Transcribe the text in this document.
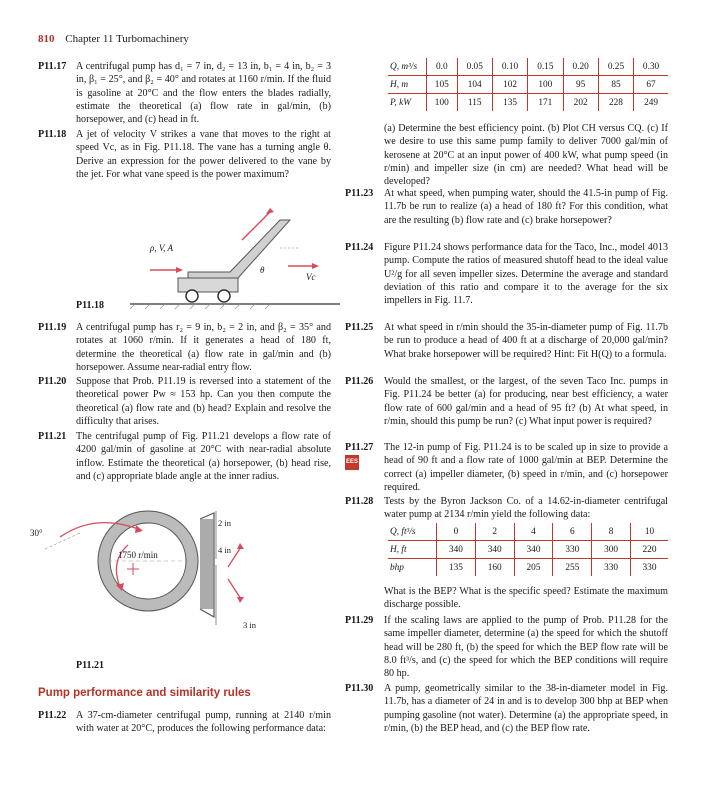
810 Chapter 11 Turbomachinery
P11.17 A centrifugal pump has d₁ = 7 in, d₂ = 13 in, b₁ = 4 in, b₂ = 3 in, β₁ = 25°, and β₂ = 40° and rotates at 1160 r/min. If the fluid is gasoline at 20°C and the flow enters the blades radially, estimate the theoretical (a) flow rate in gal/min, (b) horsepower, and (c) head in ft.
P11.18 A jet of velocity V strikes a vane that moves to the right at speed Vc, as in Fig. P11.18. The vane has a turning angle θ. Derive an expression for the power delivered to the vane by the jet. For what vane speed is the power maximum?
ρ, V, A
θ
Vc
P11.18
P11.19 A centrifugal pump has r₂ = 9 in, b₂ = 2 in, and β₂ = 35° and rotates at 1060 r/min. If it generates a head of 180 ft, determine the theoretical (a) flow rate in gal/min and (b) horsepower. Assume near-radial entry flow.
P11.20 Suppose that Prob. P11.19 is reversed into a statement of the theoretical power Pw ≈ 153 hp. Can you then compute the theoretical (a) flow rate and (b) head? Explain and resolve the difficulty that arises.
P11.21 The centrifugal pump of Fig. P11.21 develops a flow rate of 4200 gal/min of gasoline at 20°C with near-radial absolute inflow. Estimate the theoretical (a) horsepower, (b) head rise, and (c) appropriate blade angle at the inner radius.
30°
1750 r/min
2 in
4 in
3 in
P11.21
Pump performance and similarity rules
P11.22 A 37-cm-diameter centrifugal pump, running at 2140 r/min with water at 20°C, produces the following performance data:
Q, m³/s	0.0	0.05	0.10	0.15	0.20	0.25	0.30
H, m	105	104	102	100	95	85	67
P, kW	100	115	135	171	202	228	249
(a) Determine the best efficiency point. (b) Plot CH versus CQ. (c) If we desire to use this same pump family to deliver 7000 gal/min of kerosene at 20°C at an input power of 400 kW, what pump speed (in r/min) and impeller size (in cm) are needed? What head will be developed?
P11.23 At what speed, when pumping water, should the 41.5-in pump of Fig. 11.7b be run to realize (a) a head of 180 ft? For this condition, what are the resulting (b) flow rate and (c) brake horsepower?
P11.24 Figure P11.24 shows performance data for the Taco, Inc., model 4013 pump. Compute the ratios of measured shutoff head to the ideal value U²/g for all seven impeller sizes. Determine the average and standard deviation of this ratio and compare it to the average for the six impellers in Fig. 11.7.
P11.25 At what speed in r/min should the 35-in-diameter pump of Fig. 11.7b be run to produce a head of 400 ft at a discharge of 20,000 gal/min? What brake horsepower will be required? Hint: Fit H(Q) to a formula.
P11.26 Would the smallest, or the largest, of the seven Taco Inc. pumps in Fig. P11.24 be better (a) for producing, near best efficiency, a water flow rate of 600 gal/min and a head of 95 ft? (b) At what speed, in r/min, should this pump be run? (c) What input power is required?
P11.27
EES
The 12-in pump of Fig. P11.24 is to be scaled up in size to provide a head of 90 ft and a flow rate of 1000 gal/min at BEP. Determine the correct (a) impeller diameter, (b) speed in r/min, and (c) horsepower required.
P11.28 Tests by the Byron Jackson Co. of a 14.62-in-diameter centrifugal water pump at 2134 r/min yield the following data:
Q, ft³/s	0	2	4	6	8	10
H, ft	340	340	340	330	300	220
bhp	135	160	205	255	330	330
What is the BEP? What is the specific speed? Estimate the maximum discharge possible.
P11.29 If the scaling laws are applied to the pump of Prob. P11.28 for the same impeller diameter, determine (a) the speed for which the shutoff head will be 280 ft, (b) the speed for which the BEP flow rate will be 8.0 ft³/s, and (c) the speed for which the BEP conditions will require 80 hp.
P11.30 A pump, geometrically similar to the 38-in-diameter model in Fig. 11.7b, has a diameter of 24 in and is to develop 300 bhp at BEP when pumping gasoline (not water). Determine (a) the appropriate speed, in r/min, (b) the BEP head, and (c) the BEP flow rate.
